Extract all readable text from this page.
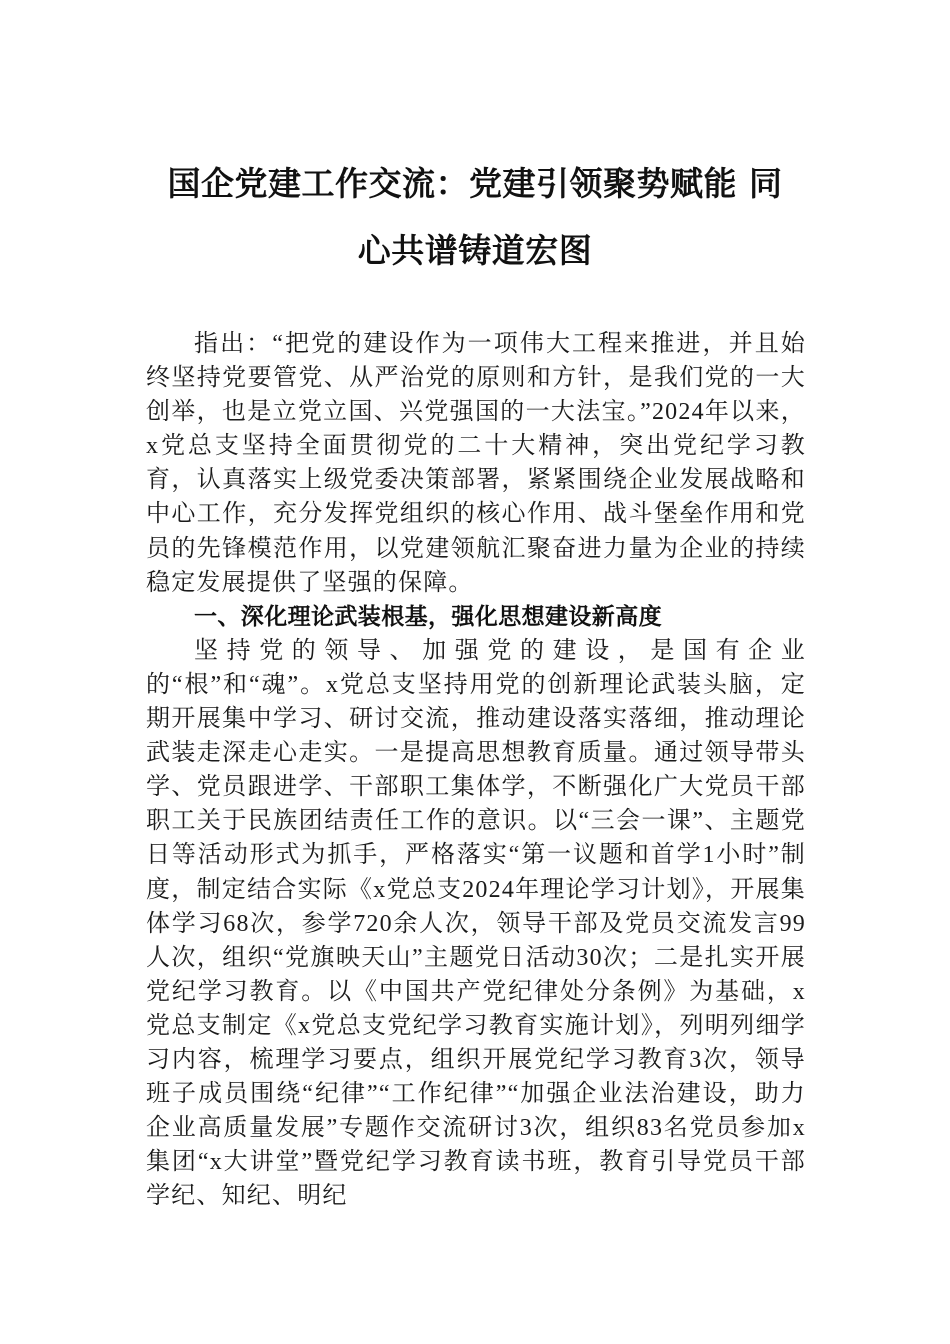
国企党建工作交流：党建引领聚势赋能 同
心共谱铸道宏图

指出：“把党的建设作为一项伟大工程来推进，并且始终坚持党要管党、从严治党的原则和方针，是我们党的一大创举，也是立党立国、兴党强国的一大法宝。”2024年以来，x党总支坚持全面贯彻党的二十大精神，突出党纪学习教育，认真落实上级党委决策部署，紧紧围绕企业发展战略和中心工作，充分发挥党组织的核心作用、战斗堡垒作用和党员的先锋模范作用，以党建领航汇聚奋进力量为企业的持续稳定发展提供了坚强的保障。

一、深化理论武装根基，强化思想建设新高度

坚持党的领导、加强党的建设，是国有企业的“根”和“魂”。x党总支坚持用党的创新理论武装头脑，定期开展集中学习、研讨交流，推动建设落实落细，推动理论武装走深走心走实。一是提高思想教育质量。通过领导带头学、党员跟进学、干部职工集体学，不断强化广大党员干部职工关于民族团结责任工作的意识。以“三会一课”、主题党日等活动形式为抓手，严格落实“第一议题和首学1小时”制度，制定结合实际《x党总支2024年理论学习计划》，开展集体学习68次，参学720余人次，领导干部及党员交流发言99人次，组织“党旗映天山”主题党日活动30次；二是扎实开展党纪学习教育。以《中国共产党纪律处分条例》为基础，x党总支制定《x党总支党纪学习教育实施计划》，列明列细学习内容，梳理学习要点，组织开展党纪学习教育3次，领导班子成员围绕“纪律”“工作纪律”“加强企业法治建设，助力企业高质量发展”专题作交流研讨3次，组织83名党员参加x集团“x大讲堂”暨党纪学习教育读书班，教育引导党员干部学纪、知纪、明纪
